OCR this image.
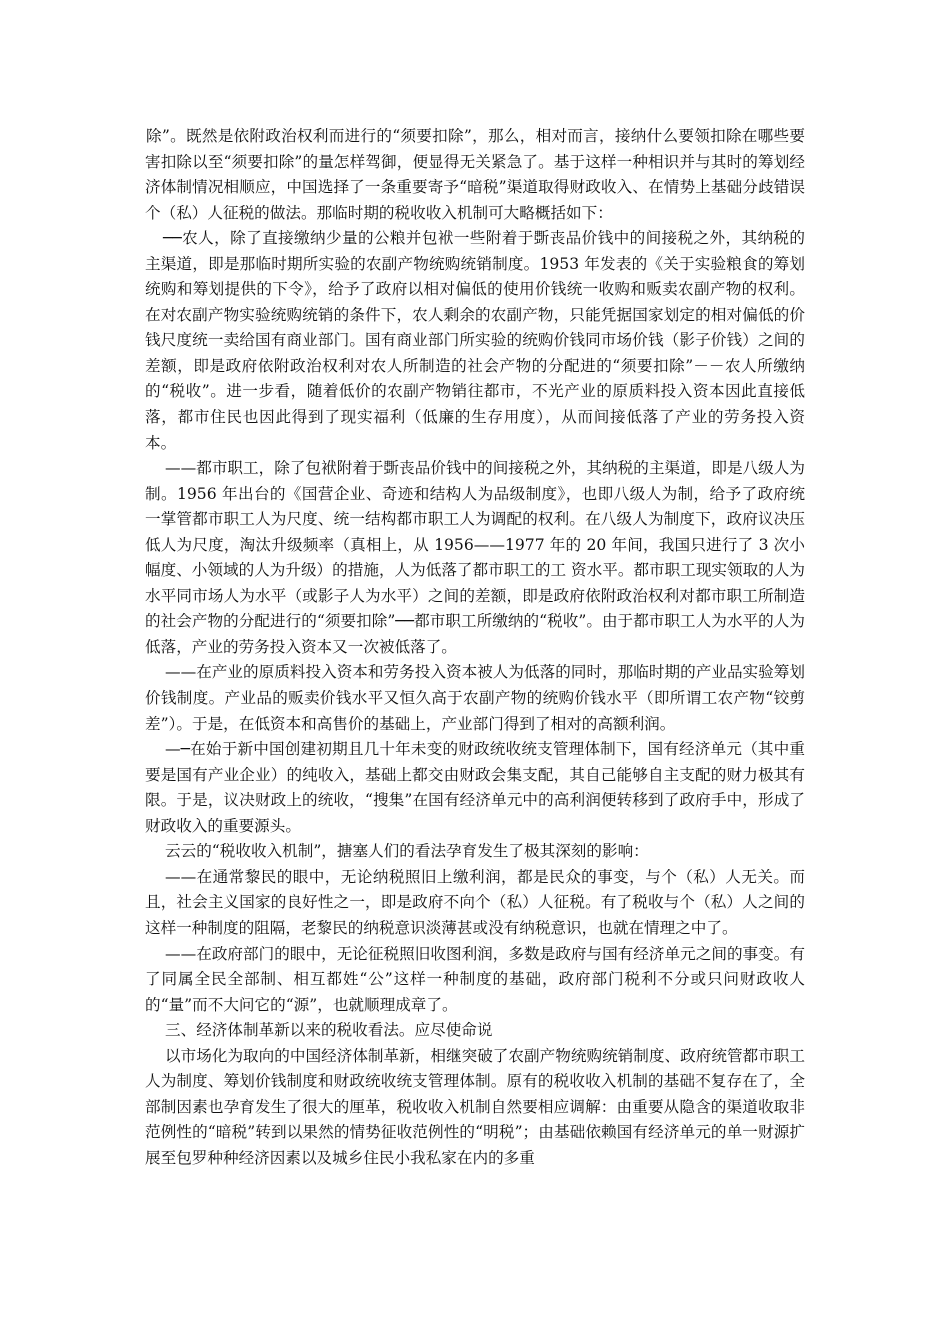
除”。既然是依附政治权利而进行的“须要扣除”，那么，相对而言，接纳什么要领扣除在哪些要害扣除以至“须要扣除”的量怎样驾御，便显得无关紧急了。基于这样一种相识并与其时的筹划经济体制情况相顺应，中国选择了一条重要寄予“暗税”渠道取得财政收入、在情势上基础分歧错误个（私）人征税的做法。那临时期的税收收入机制可大略概括如下：

──农人，除了直接缴纳少量的公粮并包袱一些附着于斲丧品价钱中的间接税之外，其纳税的主渠道，即是那临时期所实验的农副产物统购统销制度。1953 年发表的《关于实验粮食的筹划统购和筹划提供的下令》，给予了政府以相对偏低的使用价钱统一收购和贩卖农副产物的权利。在对农副产物实验统购统销的条件下，农人剩余的农副产物，只能凭据国家划定的相对偏低的价钱尺度统一卖给国有商业部门。国有商业部门所实验的统购价钱同市场价钱（影子价钱）之间的差额，即是政府依附政治权利对农人所制造的社会产物的分配进的“须要扣除”－－农人所缴纳的“税收”。进一步看，随着低价的农副产物销往都市，不光产业的原质料投入资本因此直接低落，都市住民也因此得到了现实福利（低廉的生存用度），从而间接低落了产业的劳务投入资本。

——都市职工，除了包袱附着于斲丧品价钱中的间接税之外，其纳税的主渠道，即是八级人为制。1956 年出台的《国营企业、奇迹和结构人为品级制度》，也即八级人为制，给予了政府统一掌管都市职工人为尺度、统一结构都市职工人为调配的权利。在八级人为制度下，政府议决压低人为尺度，淘汰升级频率（真相上，从 1956——1977 年的 20 年间，我国只进行了 3 次小幅度、小领域的人为升级）的措施，人为低落了都市职工的工 资水平。都市职工现实领取的人为水平同市场人为水平（或影子人为水平）之间的差额，即是政府依附政治权利对都市职工所制造的社会产物的分配进行的“须要扣除”──都市职工所缴纳的“税收”。由于都市职工人为水平的人为低落，产业的劳务投入资本又一次被低落了。

——在产业的原质料投入资本和劳务投入资本被人为低落的同时，那临时期的产业品实验筹划价钱制度。产业品的贩卖价钱水平又恒久高于农副产物的统购价钱水平（即所谓工农产物“铰剪差”）。于是，在低资本和高售价的基础上，产业部门得到了相对的高额利润。

—─在始于新中国创建初期且几十年未变的财政统收统支管理体制下，国有经济单元（其中重要是国有产业企业）的纯收入，基础上都交由财政会集支配，其自己能够自主支配的财力极其有限。于是，议决财政上的统收，“搜集”在国有经济单元中的高利润便转移到了政府手中，形成了财政收入的重要源头。

云云的“税收收入机制”，搪塞人们的看法孕育发生了极其深刻的影响：

——在通常黎民的眼中，无论纳税照旧上缴利润，都是民众的事变，与个（私）人无关。而且，社会主义国家的良好性之一，即是政府不向个（私）人征税。有了税收与个（私）人之间的这样一种制度的阻隔，老黎民的纳税意识淡薄甚或没有纳税意识，也就在情理之中了。

——在政府部门的眼中，无论征税照旧收图利润，多数是政府与国有经济单元之间的事变。有了同属全民全部制、相互都姓“公”这样一种制度的基础，政府部门税利不分或只问财政收人的“量”而不大问它的“源”，也就顺理成章了。

三、经济体制革新以来的税收看法。应尽使命说

以市场化为取向的中国经济体制革新，相继突破了农副产物统购统销制度、政府统管都市职工人为制度、筹划价钱制度和财政统收统支管理体制。原有的税收收入机制的基础不复存在了，全部制因素也孕育发生了很大的厘革，税收收入机制自然要相应调解：由重要从隐含的渠道收取非范例性的“暗税”转到以果然的情势征收范例性的“明税”；由基础依赖国有经济单元的单一财源扩展至包罗种种经济因素以及城乡住民小我私家在内的多重
